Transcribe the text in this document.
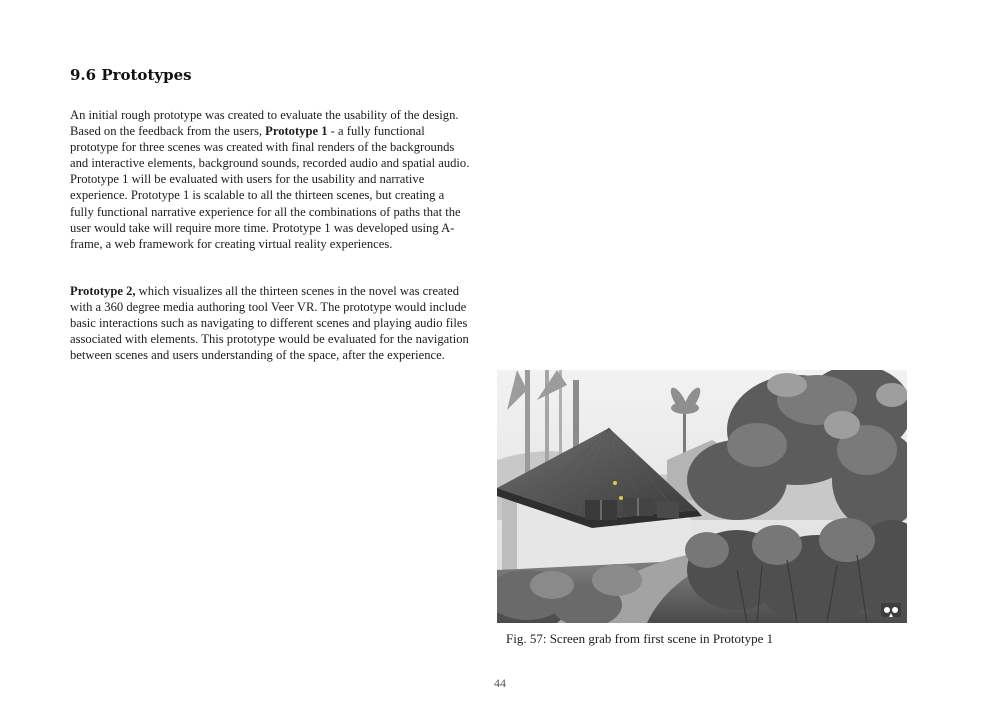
9.6 Prototypes

An initial rough prototype was created to evaluate the usability of the design. Based on the feedback from the users, Prototype 1 - a fully functional prototype for three scenes was created with final renders of the backgrounds and interactive elements, background sounds, recorded audio and spatial audio. Prototype 1 will be evaluated with users for the usability and narrative experience. Prototype 1 is scalable to all the thirteen scenes, but creating a fully functional narrative experience for all the combinations of paths that the user would take will require more time. Prototype 1 was developed using A-frame, a web framework for creating virtual reality experiences.

Prototype 2, which visualizes all the thirteen scenes in the novel was created with a 360 degree media authoring tool Veer VR. The prototype would include basic interactions such as navigating to different scenes and playing audio files associated with elements. This prototype would be evaluated for the navigation between scenes and users understanding of the space, after the experience.

Fig. 57: Screen grab from first scene in Prototype 1

44
